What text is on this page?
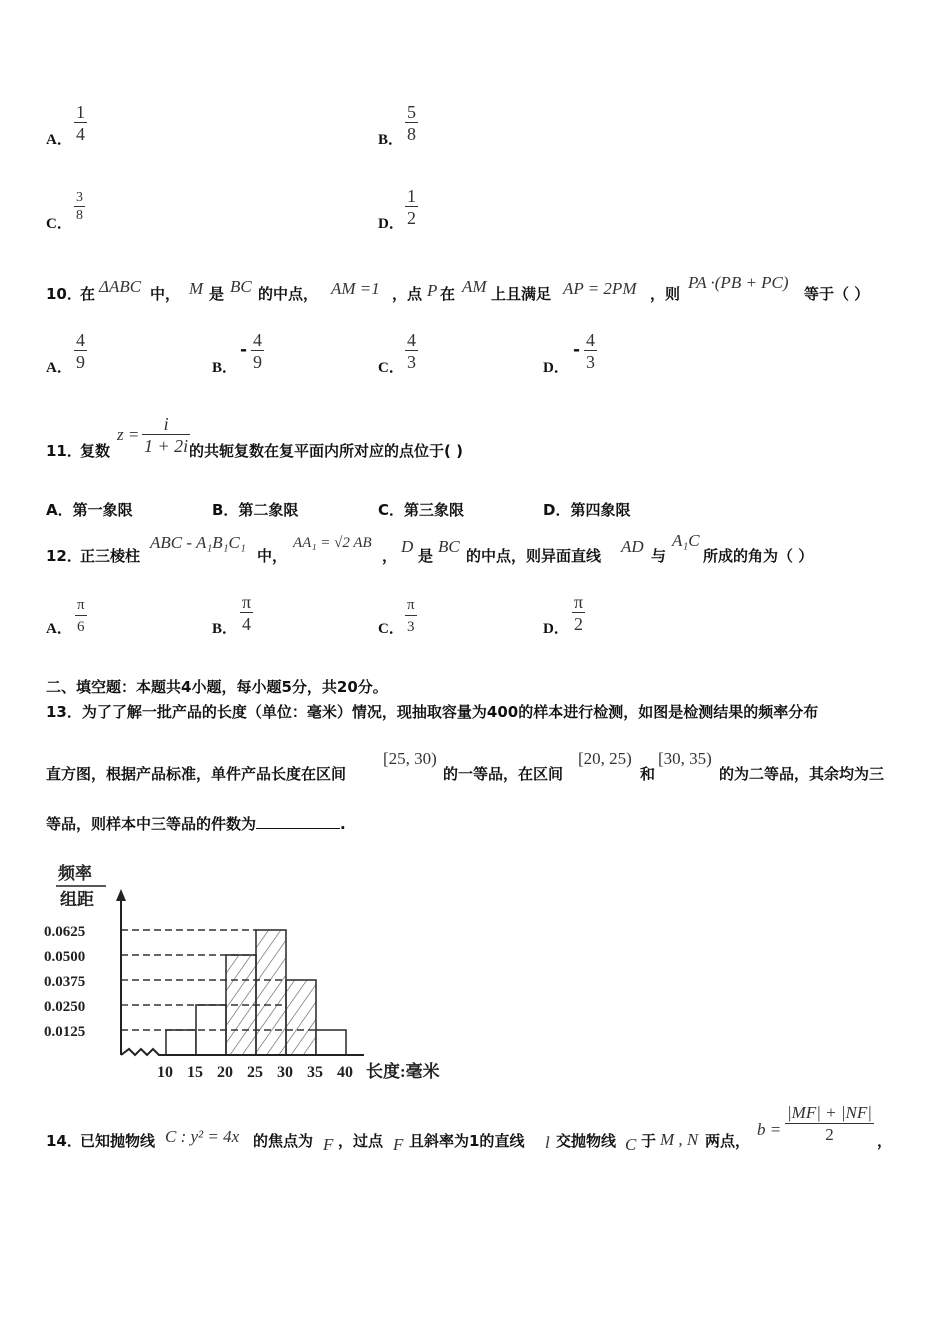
A．
1
4	B．
5
8
C．
3
8
D．
1
2
10．
在 ΔABC 中， M 是 BC 的中点， AM =1 ，点 P 在 AM 上且满足 AP = 2PM ，则
PA ·(PB + PC)
等于（ ）
A．
4
9	B．
- 4
9	C．
4
3	D．
- 4
3
11．
复数
z =
i
1 + 2i 的共轭复数在复平面内所对应的点位于( )
A．第一象限	B．第二象限	C．第三象限	D．第四象限
12．
正三棱柱
ABC - A₁B₁C₁
中，
AA₁ = √2 AB
， D 是 BC 的中点，则异面直线 AD 与
A₁C
所成的角为（ ）
A．
π
6	B．
π
4	C．
π
3	D．
π
2
二、填空题：本题共4小题，每小题5分，共20分。
13．为了了解一批产品的长度（单位：毫米）情况，现抽取容量为400的样本进行检测，如图是检测结果的频率分布
直方图，根据产品标准，单件产品长度在区间
[25, 30)
的一等品，在区间
[20, 25)
和
[30, 35)
的为二等品，其余均为三
等品，则样本中三等品的件数为	.
频率
组距
0.0625
0.0500
0.0375
0.0250
0.0125
10 15 20 25 30 35 40 长度:毫米
14．
已知抛物线 C : y² = 4x 的焦点为 F ，过点 F 且斜率为1的直线 l 交抛物线 C 于 M , N 两点，
b =
|MF| + |NF|
2	，
